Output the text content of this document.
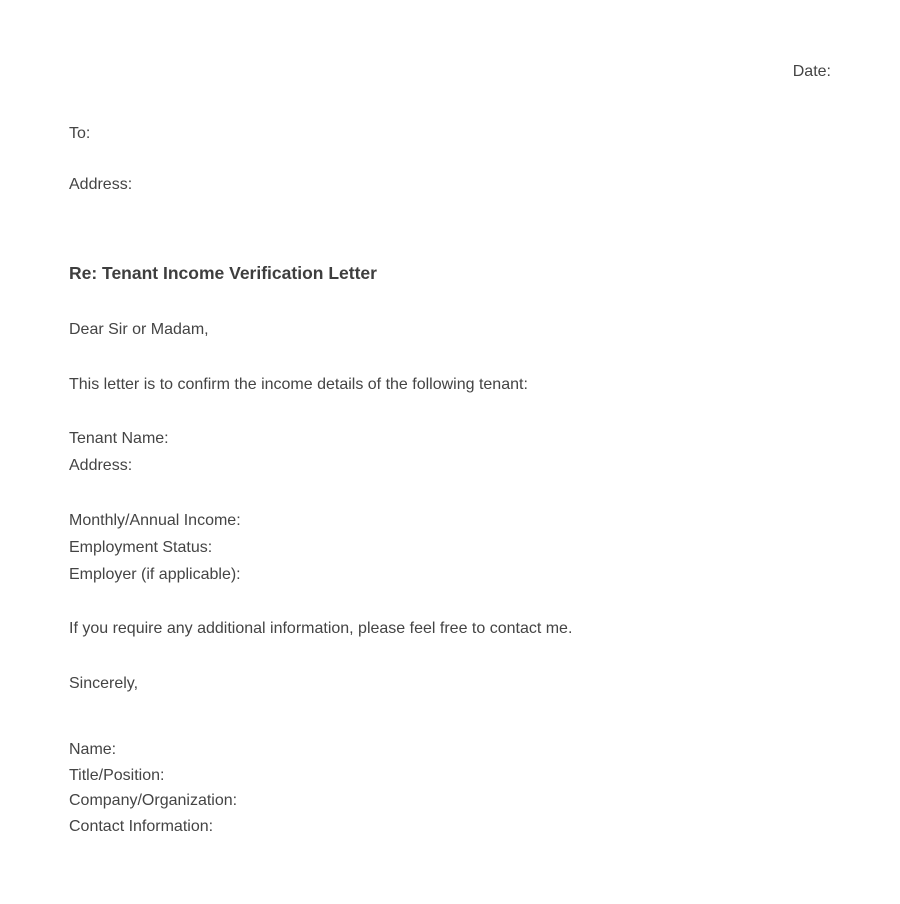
Date:
To:
Address:
Re: Tenant Income Verification Letter
Dear Sir or Madam,
This letter is to confirm the income details of the following tenant:
Tenant Name:
Address:
Monthly/Annual Income:
Employment Status:
Employer (if applicable):
If you require any additional information, please feel free to contact me.
Sincerely,
Name:
Title/Position:
Company/Organization:
Contact Information:
